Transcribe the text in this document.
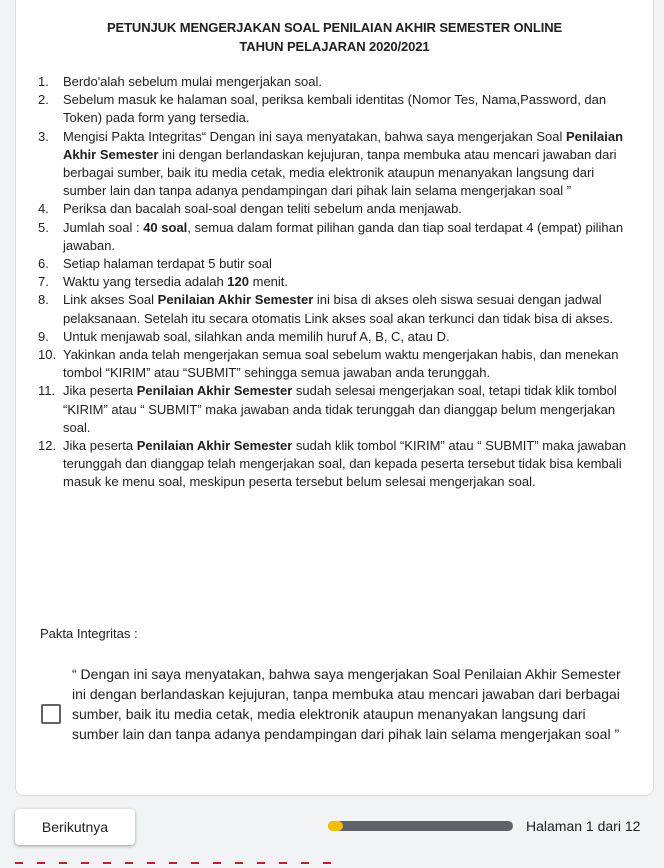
PETUNJUK MENGERJAKAN SOAL PENILAIAN AKHIR SEMESTER ONLINE
TAHUN PELAJARAN 2020/2021
1. Berdo'alah sebelum mulai mengerjakan soal.
2. Sebelum masuk ke halaman soal, periksa kembali identitas (Nomor Tes, Nama,Password, dan Token) pada form yang tersedia.
3. Mengisi Pakta Integritas“ Dengan ini saya menyatakan, bahwa saya mengerjakan Soal Penilaian Akhir Semester ini dengan berlandaskan kejujuran, tanpa membuka atau mencari jawaban dari berbagai sumber, baik itu media cetak, media elektronik ataupun menanyakan langsung dari sumber lain dan tanpa adanya pendampingan dari pihak lain selama mengerjakan soal ”
4. Periksa dan bacalah soal-soal dengan teliti sebelum anda menjawab.
5. Jumlah soal : 40 soal, semua dalam format pilihan ganda dan tiap soal terdapat 4 (empat) pilihan jawaban.
6. Setiap halaman terdapat 5 butir soal
7. Waktu yang tersedia adalah 120 menit.
8. Link akses Soal Penilaian Akhir Semester ini bisa di akses oleh siswa sesuai dengan jadwal pelaksanaan. Setelah itu secara otomatis Link akses soal akan terkunci dan tidak bisa di akses.
9. Untuk menjawab soal, silahkan anda memilih huruf A, B, C, atau D.
10. Yakinkan anda telah mengerjakan semua soal sebelum waktu mengerjakan habis, dan menekan tombol “KIRIM” atau “SUBMIT” sehingga semua jawaban anda terunggah.
11. Jika peserta Penilaian Akhir Semester sudah selesai mengerjakan soal, tetapi tidak klik tombol “KIRIM” atau “ SUBMIT” maka jawaban anda tidak terunggah dan dianggap belum mengerjakan soal.
12. Jika peserta Penilaian Akhir Semester sudah klik tombol “KIRIM” atau “ SUBMIT” maka jawaban terunggah dan dianggap telah mengerjakan soal, dan kepada peserta tersebut tidak bisa kembali masuk ke menu soal, meskipun peserta tersebut belum selesai mengerjakan soal.
Pakta Integritas :
“ Dengan ini saya menyatakan, bahwa saya mengerjakan Soal Penilaian Akhir Semester ini dengan berlandaskan kejujuran, tanpa membuka atau mencari jawaban dari berbagai sumber, baik itu media cetak, media elektronik ataupun menanyakan langsung dari sumber lain dan tanpa adanya pendampingan dari pihak lain selama mengerjakan soal ”
Berikutnya	Halaman 1 dari 12
